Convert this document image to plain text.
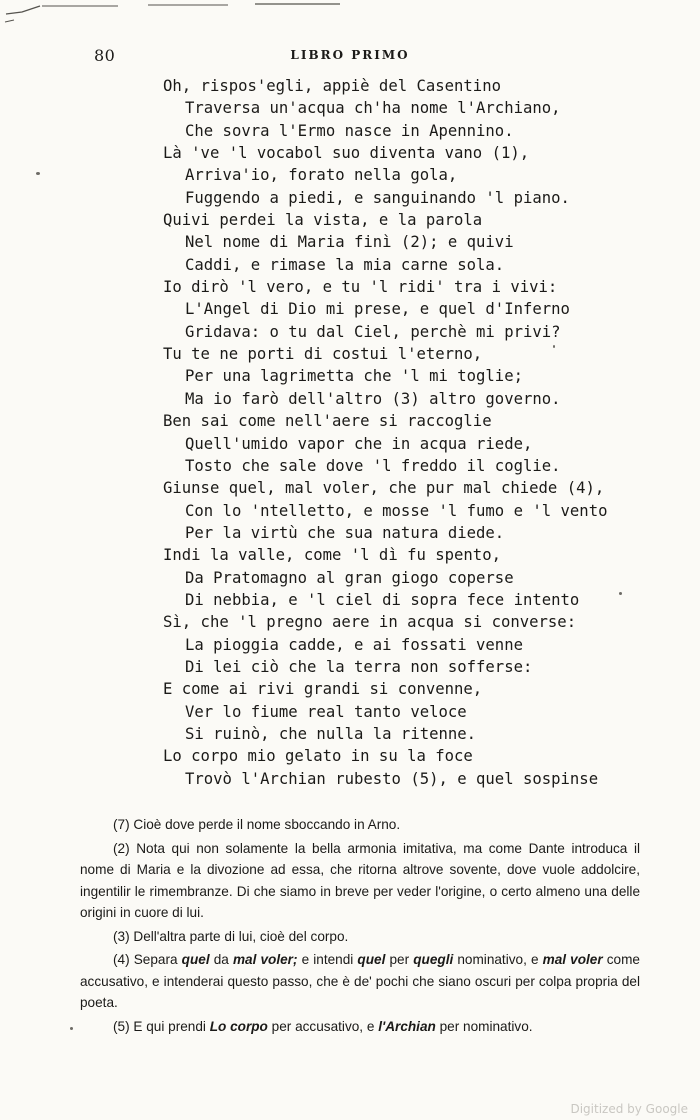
80	LIBRO PRIMO
Oh, rispos'egli, appiè del Casentino
Traversa un'acqua ch'ha nome l'Archiano,
Che sovra l'Ermo nasce in Apennino.
Là 've 'l vocabol suo diventa vano (1),
Arriva'io, forato nella gola,
Fuggendo a piedi, e sanguinando 'l piano.
Quivi perdei la vista, e la parola
Nel nome di Maria finì (2); e quivi
Caddi, e rimase la mia carne sola.
Io dirò 'l vero, e tu 'l ridi' tra i vivi:
L'Angel di Dio mi prese, e quel d'Inferno
Gridava: o tu dal Ciel, perchè mi privi?
Tu te ne porti di costui l'eterno,
Per una lagrimetta che 'l mi toglie;
Ma io farò dell'altro (3) altro governo.
Ben sai come nell'aere si raccoglie
Quell'umido vapor che in acqua riede,
Tosto che sale dove 'l freddo il coglie.
Giunse quel, mal voler, che pur mal chiede (4),
Con lo 'ntelletto, e mosse 'l fumo e 'l vento
Per la virtù che sua natura diede.
Indi la valle, come 'l dì fu spento,
Da Pratomagno al gran giogo coperse
Di nebbia, e 'l ciel di sopra fece intento
Sì, che 'l pregno aere in acqua si converse:
La pioggia cadde, e ai fossati venne
Di lei ciò che la terra non sofferse:
E come ai rivi grandi si convenne,
Ver lo fiume real tanto veloce
Si ruinò, che nulla la ritenne.
Lo corpo mio gelato in su la foce
Trovò l'Archian rubesto (5), e quel sospinse

(7) Cioè dove perde il nome sboccando in Arno.

(2) Nota qui non solamente la bella armonia imitativa, ma come Dante introduca il nome di Maria e la divozione ad essa, che ritorna altrove sovente, dove vuole addolcire, ingentilir le rimembranze. Di che siamo in breve per veder l'origine, o certo almeno una delle origini in cuore di lui.

(3) Dell'altra parte di lui, cioè del corpo.

(4) Separa quel da mal voler; e intendi quel per quegli nominativo, e mal voler come accusativo, e intenderai questo passo, che è de' pochi che siano oscuri per colpa propria del poeta.

(5) E qui prendi Lo corpo per accusativo, e l'Archian per nominativo.

Digitized by Google
